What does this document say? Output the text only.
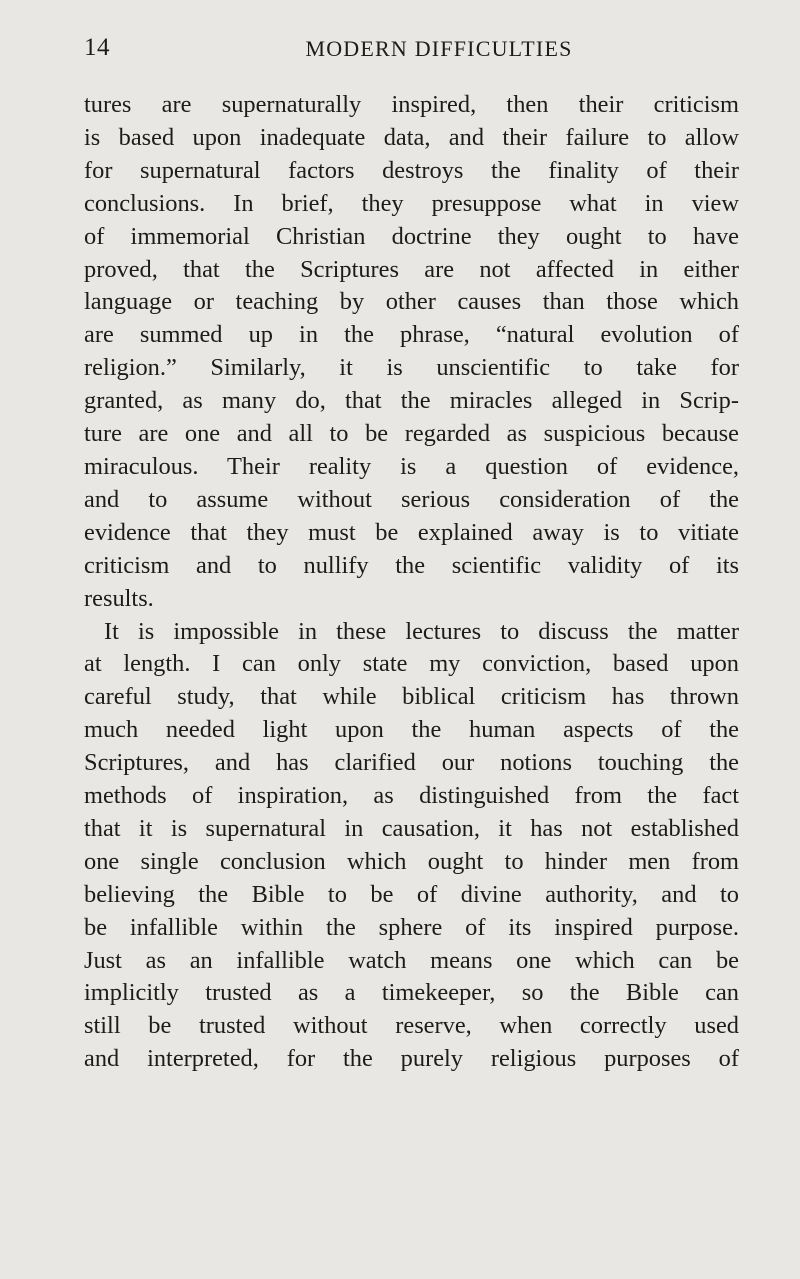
14	MODERN DIFFICULTIES
tures are supernaturally inspired, then their criticism
is based upon inadequate data, and their failure to allow
for supernatural factors destroys the finality of their
conclusions. In brief, they presuppose what in view
of immemorial Christian doctrine they ought to have
proved, that the Scriptures are not affected in either
language or teaching by other causes than those which
are summed up in the phrase, “natural evolution of
religion.” Similarly, it is unscientific to take for
granted, as many do, that the miracles alleged in Scrip-
ture are one and all to be regarded as suspicious because
miraculous. Their reality is a question of evidence,
and to assume without serious consideration of the
evidence that they must be explained away is to vitiate
criticism and to nullify the scientific validity of its
results.
It is impossible in these lectures to discuss the matter
at length. I can only state my conviction, based upon
careful study, that while biblical criticism has thrown
much needed light upon the human aspects of the
Scriptures, and has clarified our notions touching the
methods of inspiration, as distinguished from the fact
that it is supernatural in causation, it has not established
one single conclusion which ought to hinder men from
believing the Bible to be of divine authority, and to
be infallible within the sphere of its inspired purpose.
Just as an infallible watch means one which can be
implicitly trusted as a timekeeper, so the Bible can
still be trusted without reserve, when correctly used
and interpreted, for the purely religious purposes of
